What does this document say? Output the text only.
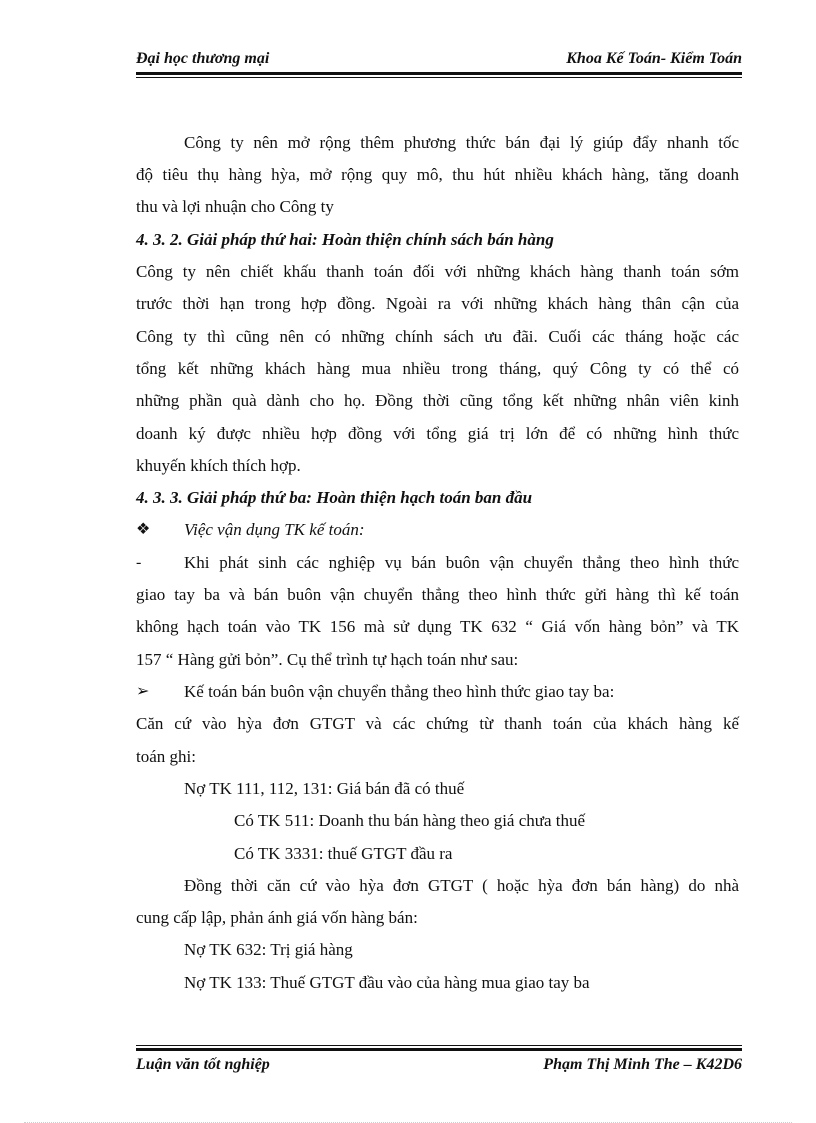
Đại học thương mại	Khoa Kế Toán- Kiểm Toán
Công ty nên mở rộng thêm phương thức bán đại lý giúp đẩy nhanh tốc
độ tiêu thụ hàng hỳa, mở rộng quy mô, thu hút nhiều khách hàng, tăng doanh
thu và lợi nhuận cho Công ty
4. 3. 2. Giải pháp thứ hai: Hoàn thiện chính sách bán hàng
Công ty nên chiết khấu thanh toán đối với những khách hàng thanh toán sớm
trước thời hạn trong hợp đồng. Ngoài ra với những khách hàng thân cận của
Công ty thì cũng nên có những chính sách ưu đãi. Cuối các tháng hoặc các
tổng kết những khách hàng mua nhiều trong tháng, quý Công ty có thể có
những phần quà dành cho họ. Đồng thời cũng tổng kết những nhân viên kinh
doanh ký được nhiều hợp đồng với tổng giá trị lớn để có những hình thức
khuyến khích thích hợp.
4. 3. 3. Giải pháp thứ ba: Hoàn thiện hạch toán ban đầu
❖ Việc vận dụng TK kế toán:
-	Khi phát sinh các nghiệp vụ bán buôn vận chuyển thẳng theo hình thức
giao tay ba và bán buôn vận chuyển thẳng theo hình thức gửi hàng thì kế toán
không hạch toán vào TK 156 mà sử dụng TK 632 “ Giá vốn hàng bỏn” và TK
157 “ Hàng gửi bỏn”. Cụ thể trình tự hạch toán như sau:
➢ Kế toán bán buôn vận chuyển thẳng theo hình thức giao tay ba:
Căn cứ vào hỳa đơn GTGT và các chứng từ thanh toán của khách hàng kế
toán ghi:
Nợ TK 111, 112, 131: Giá bán đã có thuế
Có TK 511: Doanh thu bán hàng theo giá chưa thuế
Có TK 3331: thuế GTGT đầu ra
Đồng thời căn cứ vào hỳa đơn GTGT ( hoặc hỳa đơn bán hàng) do nhà
cung cấp lập, phản ánh giá vốn hàng bán:
Nợ TK 632: Trị giá hàng
Nợ TK 133: Thuế GTGT đầu vào của hàng mua giao tay ba
Luận văn tốt nghiệp	Phạm Thị Minh The – K42D6
